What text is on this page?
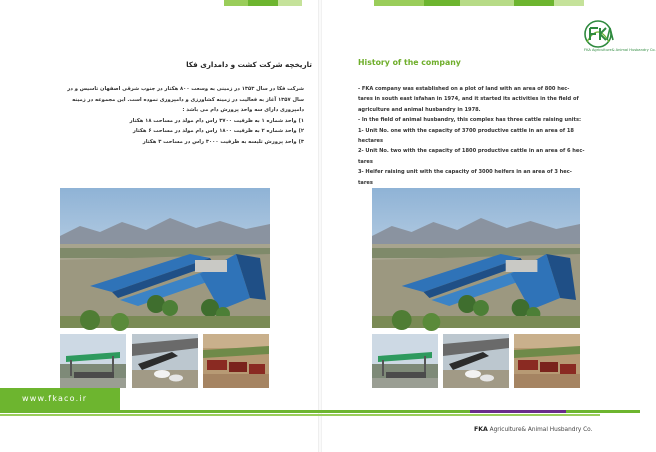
تاریخچه شرکت کشت و دامداری فکا

شرکت فکا در سال ۱۳۵۳ در زمینی به وسعت ۸۰۰ هکتار در جنوب شرقی اصفهان تاسیس و در

سال ۱۳۵۷ آغاز به فعالیت در زمینه کشاورزی و دامپروری نموده است. این مجموعه در زمینه

دامپروری دارای سه واحد پرورش دام می باشد :

۱) واحد شماره ۱ به ظرفیت ۳۷۰۰ راس دام مولد در مساحت ۱۸ هکتار

۲) واحد شماره ۲ به ظرفیت ۱۸۰۰ راس دام مولد در مساحت ۶ هکتار

۳) واحد پرورش تلیسه به ظرفیت ۳۰۰۰ راس در مساحت ۳ هکتار

FKA Agriculture& Animal Husbandry Co.
History of the company

- FKA company was established on a plot of land with an area of 800 hec-

tares in south east isfahan in 1974, and it started its activities in the field of

agriculture and animal husbandry in 1978.

- In the field of animal husbandry, this complex has three cattle raising units:

1- Unit No. one with the capacity of 3700 productive cattle in an area of 18

hectares

2- Unit No. two with the capacity of 1800 productive cattle in an area of 6 hec-

tares

3- Heifer raising unit with the capacity of 3000 heifers in an area of 3 hec-

tares

www.fkaco.ir
FKA Agriculture& Animal Husbandry Co.
